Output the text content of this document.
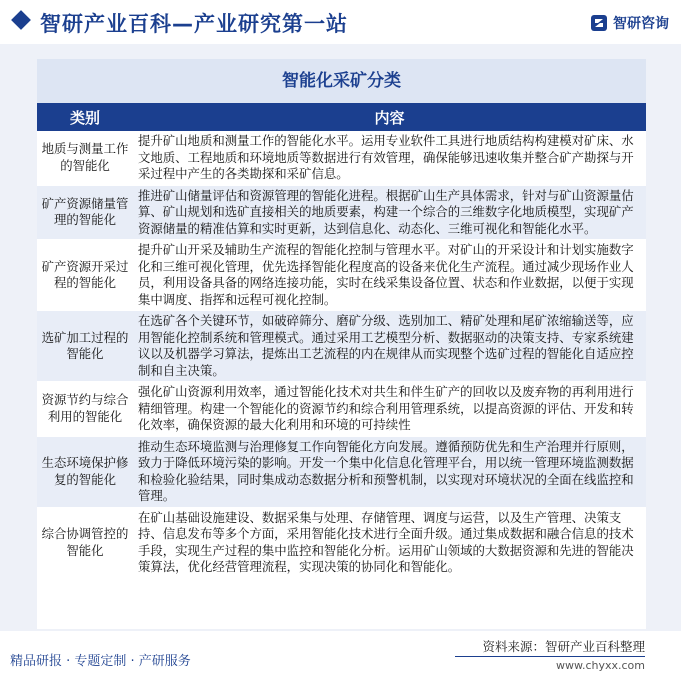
智研产业百科—产业研究第一站	智研咨询
智能化采矿分类
类别	内容
地质与测量工作的智能化	提升矿山地质和测量工作的智能化水平。运用专业软件工具进行地质结构构建模对矿床、水文地质、工程地质和环境地质等数据进行有效管理，确保能够迅速收集并整合矿产勘探与开采过程中产生的各类勘探和采矿信息。
矿产资源储量管理的智能化	推进矿山储量评估和资源管理的智能化进程。根据矿山生产具体需求，针对与矿山资源量估算、矿山规划和选矿直接相关的地质要素，构建一个综合的三维数字化地质模型，实现矿产资源储量的精准估算和实时更新，达到信息化、动态化、三维可视化和智能化水平。
矿产资源开采过程的智能化	提升矿山开采及辅助生产流程的智能化控制与管理水平。对矿山的开采设计和计划实施数字化和三维可视化管理，优先选择智能化程度高的设备来优化生产流程。通过减少现场作业人员，利用设备具备的网络连接功能，实时在线采集设备位置、状态和作业数据，以便于实现集中调度、指挥和远程可视化控制。
选矿加工过程的智能化	在选矿各个关键环节，如破碎筛分、磨矿分级、选别加工、精矿处理和尾矿浓缩输送等，应用智能化控制系统和管理模式。通过采用工艺模型分析、数据驱动的决策支持、专家系统建议以及机器学习算法，提炼出工艺流程的内在规律从而实现整个选矿过程的智能化自适应控制和自主决策。
资源节约与综合利用的智能化	强化矿山资源利用效率，通过智能化技术对共生和伴生矿产的回收以及废弃物的再利用进行精细管理。构建一个智能化的资源节约和综合利用管理系统，以提高资源的评估、开发和转化效率，确保资源的最大化利用和环境的可持续性
生态环境保护修复的智能化	推动生态环境监测与治理修复工作向智能化方向发展。遵循预防优先和生产治理并行原则，致力于降低环境污染的影响。开发一个集中化信息化管理平台，用以统一管理环境监测数据和检验化验结果，同时集成动态数据分析和预警机制，以实现对环境状况的全面在线监控和管理。
综合协调管控的智能化	在矿山基础设施建设、数据采集与处理、存储管理、调度与运营，以及生产管理、决策支持、信息发布等多个方面，采用智能化技术进行全面升级。通过集成数据和融合信息的技术手段，实现生产过程的集中监控和智能化分析。运用矿山领域的大数据资源和先进的智能决策算法，优化经营管理流程，实现决策的协同化和智能化。
精品研报 · 专题定制 · 产研服务
资料来源：智研产业百科整理
www.chyxx.com
